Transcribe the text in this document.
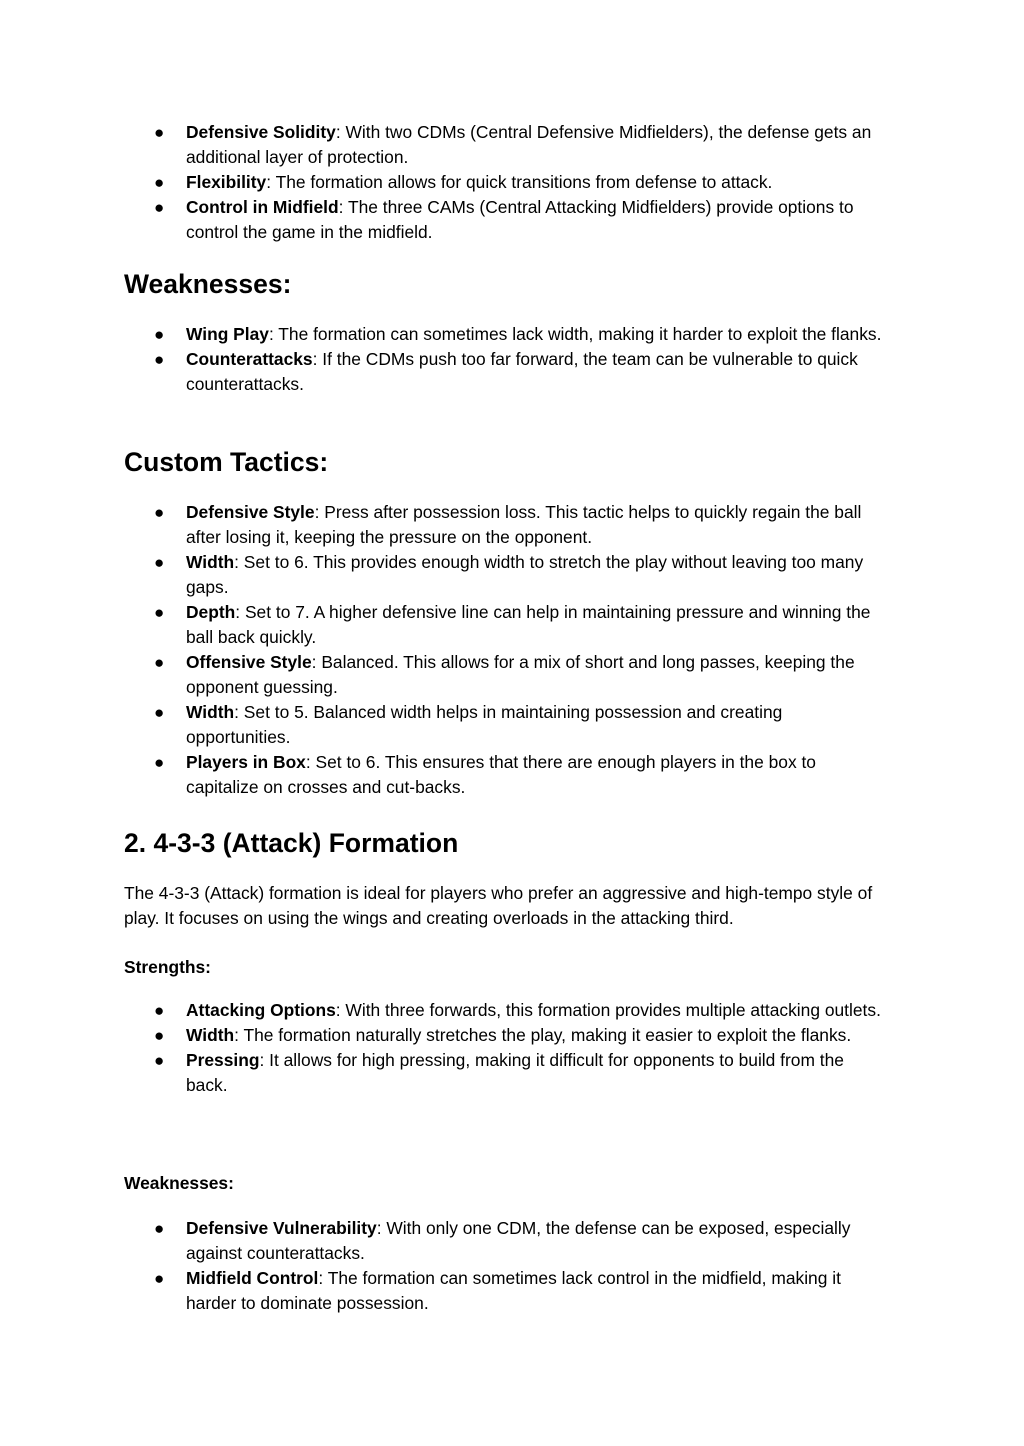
● Defensive Solidity: With two CDMs (Central Defensive Midfielders), the defense gets an additional layer of protection.
● Flexibility: The formation allows for quick transitions from defense to attack.
● Control in Midfield: The three CAMs (Central Attacking Midfielders) provide options to control the game in the midfield.
Weaknesses:
● Wing Play: The formation can sometimes lack width, making it harder to exploit the flanks.
● Counterattacks: If the CDMs push too far forward, the team can be vulnerable to quick counterattacks.
Custom Tactics:
● Defensive Style: Press after possession loss. This tactic helps to quickly regain the ball after losing it, keeping the pressure on the opponent.
● Width: Set to 6. This provides enough width to stretch the play without leaving too many gaps.
● Depth: Set to 7. A higher defensive line can help in maintaining pressure and winning the ball back quickly.
● Offensive Style: Balanced. This allows for a mix of short and long passes, keeping the opponent guessing.
● Width: Set to 5. Balanced width helps in maintaining possession and creating opportunities.
● Players in Box: Set to 6. This ensures that there are enough players in the box to capitalize on crosses and cut-backs.
2. 4-3-3 (Attack) Formation

The 4-3-3 (Attack) formation is ideal for players who prefer an aggressive and high-tempo style of play. It focuses on using the wings and creating overloads in the attacking third.

Strengths:
● Attacking Options: With three forwards, this formation provides multiple attacking outlets.
● Width: The formation naturally stretches the play, making it easier to exploit the flanks.
● Pressing: It allows for high pressing, making it difficult for opponents to build from the back.
Weaknesses:
● Defensive Vulnerability: With only one CDM, the defense can be exposed, especially against counterattacks.
● Midfield Control: The formation can sometimes lack control in the midfield, making it harder to dominate possession.
